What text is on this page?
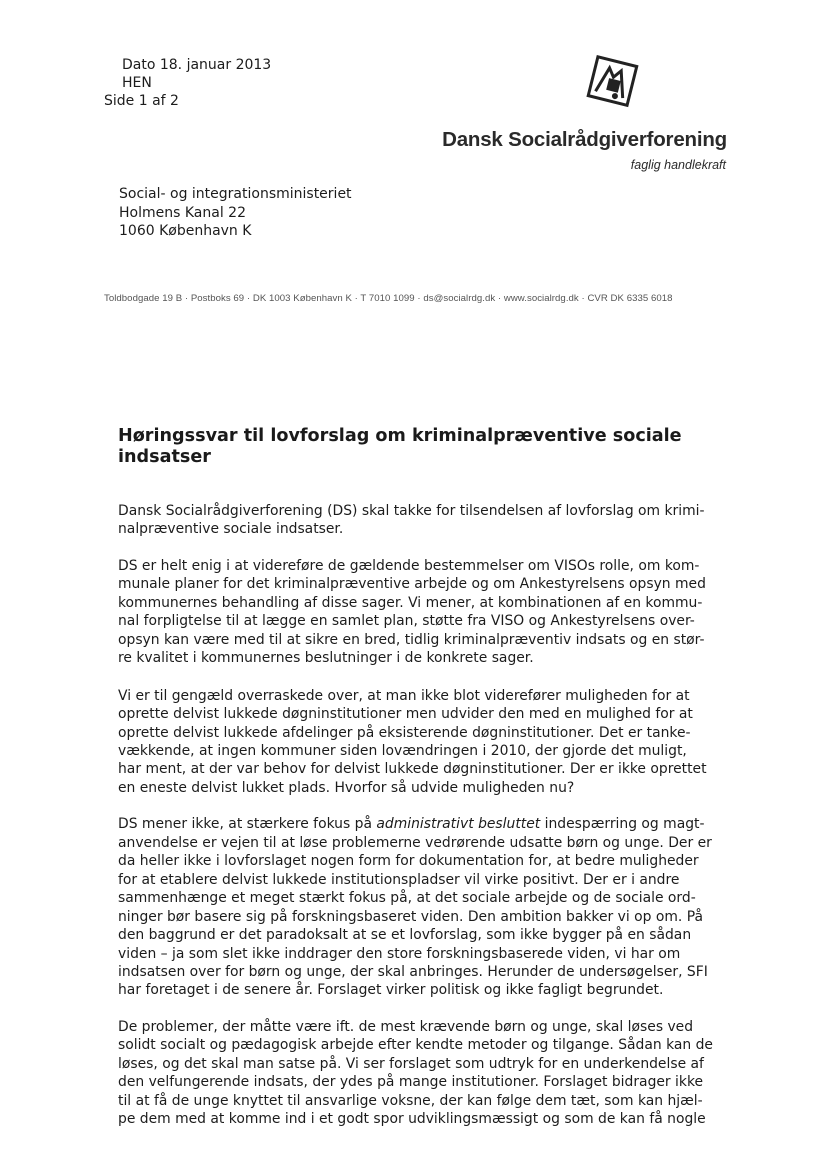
Dato 18. januar 2013
HEN
Side 1 af 2
Dansk Socialrådgiverforening
faglig handlekraft
Social- og integrationsministeriet
Holmens Kanal 22
1060 København K
Toldbodgade 19 B · Postboks 69 · DK 1003 København K · T 7010 1099 · ds@socialrdg.dk · www.socialrdg.dk · CVR DK 6335 6018
Høringssvar til lovforslag om kriminalpræventive sociale
indsatser
Dansk Socialrådgiverforening (DS) skal takke for tilsendelsen af lovforslag om krimi-
nalpræventive sociale indsatser.
DS er helt enig i at videreføre de gældende bestemmelser om VISOs rolle, om kom-
munale planer for det kriminalpræventive arbejde og om Ankestyrelsens opsyn med
kommunernes behandling af disse sager. Vi mener, at kombinationen af en kommu-
nal forpligtelse til at lægge en samlet plan, støtte fra VISO og Ankestyrelsens over-
opsyn kan være med til at sikre en bred, tidlig kriminalpræventiv indsats og en stør-
re kvalitet i kommunernes beslutninger i de konkrete sager.
Vi er til gengæld overraskede over, at man ikke blot viderefører muligheden for at
oprette delvist lukkede døgninstitutioner men udvider den med en mulighed for at
oprette delvist lukkede afdelinger på eksisterende døgninstitutioner. Det er tanke-
vækkende, at ingen kommuner siden lovændringen i 2010, der gjorde det muligt,
har ment, at der var behov for delvist lukkede døgninstitutioner. Der er ikke oprettet
en eneste delvist lukket plads. Hvorfor så udvide muligheden nu?
DS mener ikke, at stærkere fokus på administrativt besluttet indespærring og magt-
anvendelse er vejen til at løse problemerne vedrørende udsatte børn og unge. Der er
da heller ikke i lovforslaget nogen form for dokumentation for, at bedre muligheder
for at etablere delvist lukkede institutionspladser vil virke positivt. Der er i andre
sammenhænge et meget stærkt fokus på, at det sociale arbejde og de sociale ord-
ninger bør basere sig på forskningsbaseret viden. Den ambition bakker vi op om. På
den baggrund er det paradoksalt at se et lovforslag, som ikke bygger på en sådan
viden – ja som slet ikke inddrager den store forskningsbaserede viden, vi har om
indsatsen over for børn og unge, der skal anbringes. Herunder de undersøgelser, SFI
har foretaget i de senere år. Forslaget virker politisk og ikke fagligt begrundet.
De problemer, der måtte være ift. de mest krævende børn og unge, skal løses ved
solidt socialt og pædagogisk arbejde efter kendte metoder og tilgange. Sådan kan de
løses, og det skal man satse på. Vi ser forslaget som udtryk for en underkendelse af
den velfungerende indsats, der ydes på mange institutioner. Forslaget bidrager ikke
til at få de unge knyttet til ansvarlige voksne, der kan følge dem tæt, som kan hjæl-
pe dem med at komme ind i et godt spor udviklingsmæssigt og som de kan få nogle
